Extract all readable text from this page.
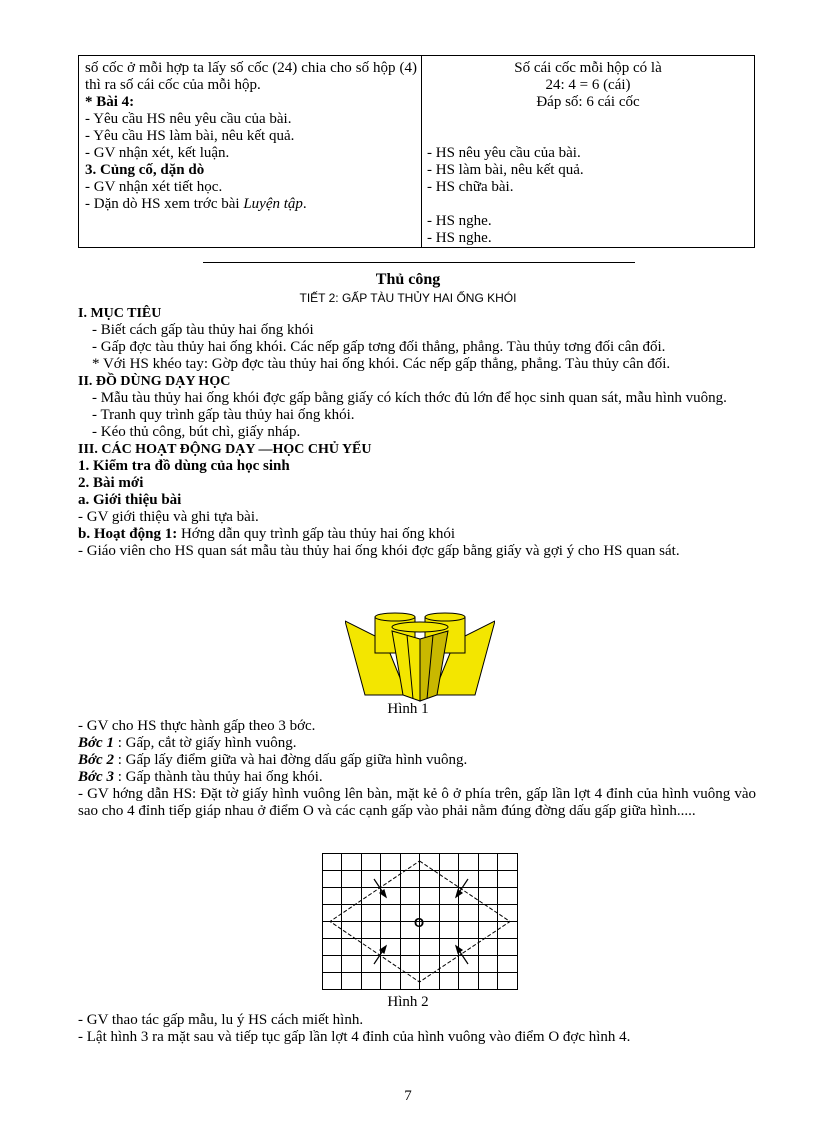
số cốc ở mỗi hợp ta lấy số cốc (24) chia cho số hộp (4) thì ra số cái cốc của mỗi hộp.
* Bài 4:
- Yêu cầu HS nêu yêu cầu của bài.
- Yêu cầu HS làm bài, nêu kết quả.
- GV nhận xét, kết luận.
3. Củng cố, dặn dò
- GV nhận xét tiết học.
- Dặn dò HS xem trớc bài Luyện tập.
Số cái cốc mỗi hộp có là
24: 4 = 6 (cái)
Đáp số: 6 cái cốc
- HS nêu yêu cầu của bài.
- HS làm bài, nêu kết quả.
- HS chữa bài.
- HS nghe.
- HS nghe.
Thủ công
TIẾT 2: GẤP TÀU THỦY HAI ỐNG KHÓI
I. MỤC TIÊU
- Biết cách gấp tàu thủy hai ống khói
- Gấp đợc tàu thủy hai ống khói. Các nếp gấp tơng đối thẳng, phẳng. Tàu thủy tơng đối cân đối.
* Với HS khéo tay: Gờp đợc tàu thủy hai ống khói. Các nếp gấp thẳng, phẳng. Tàu thủy cân đối.
II. ĐỒ DÙNG DẠY HỌC
- Mẫu tàu thủy hai ống khói đợc gấp bằng giấy có kích thớc đủ lớn để học sinh quan sát, mẫu hình vuông.
- Tranh quy trình gấp tàu thủy hai ống khói.
- Kéo thủ công, bút chì, giấy nháp.
III. CÁC HOẠT ĐỘNG DẠY —HỌC CHỦ YẾU
1. Kiểm tra đồ dùng của học sinh
2. Bài mới
a. Giới thiệu bài
- GV giới thiệu và ghi tựa bài.
b. Hoạt động 1: Hớng dẫn quy trình gấp tàu thủy hai ống khói
- Giáo viên cho HS quan sát mẫu tàu thủy hai ống khói đợc gấp bằng giấy và gợi ý cho HS quan sát.
Hình 1
- GV cho HS thực hành gấp theo 3 bớc.
Bớc 1 : Gấp, cắt tờ giấy hình vuông.
Bớc 2 : Gấp lấy điểm giữa và hai đờng dấu gấp giữa hình vuông.
Bớc 3 : Gấp thành tàu thủy hai ống khói.
- GV hớng dẫn HS: Đặt tờ giấy hình vuông lên bàn, mặt kẻ ô ở phía trên, gấp lần lợt 4 đỉnh của hình vuông vào sao cho 4 đỉnh tiếp giáp nhau ở điểm O và các cạnh gấp vào phải nằm đúng đờng dấu gấp giữa hình.....
O
Hình 2
- GV thao tác gấp mẫu, lu ý HS cách miết hình.
- Lật hình 3 ra mặt sau và tiếp tục gấp lần lợt 4 đỉnh của hình vuông vào điểm O đợc hình 4.
7
